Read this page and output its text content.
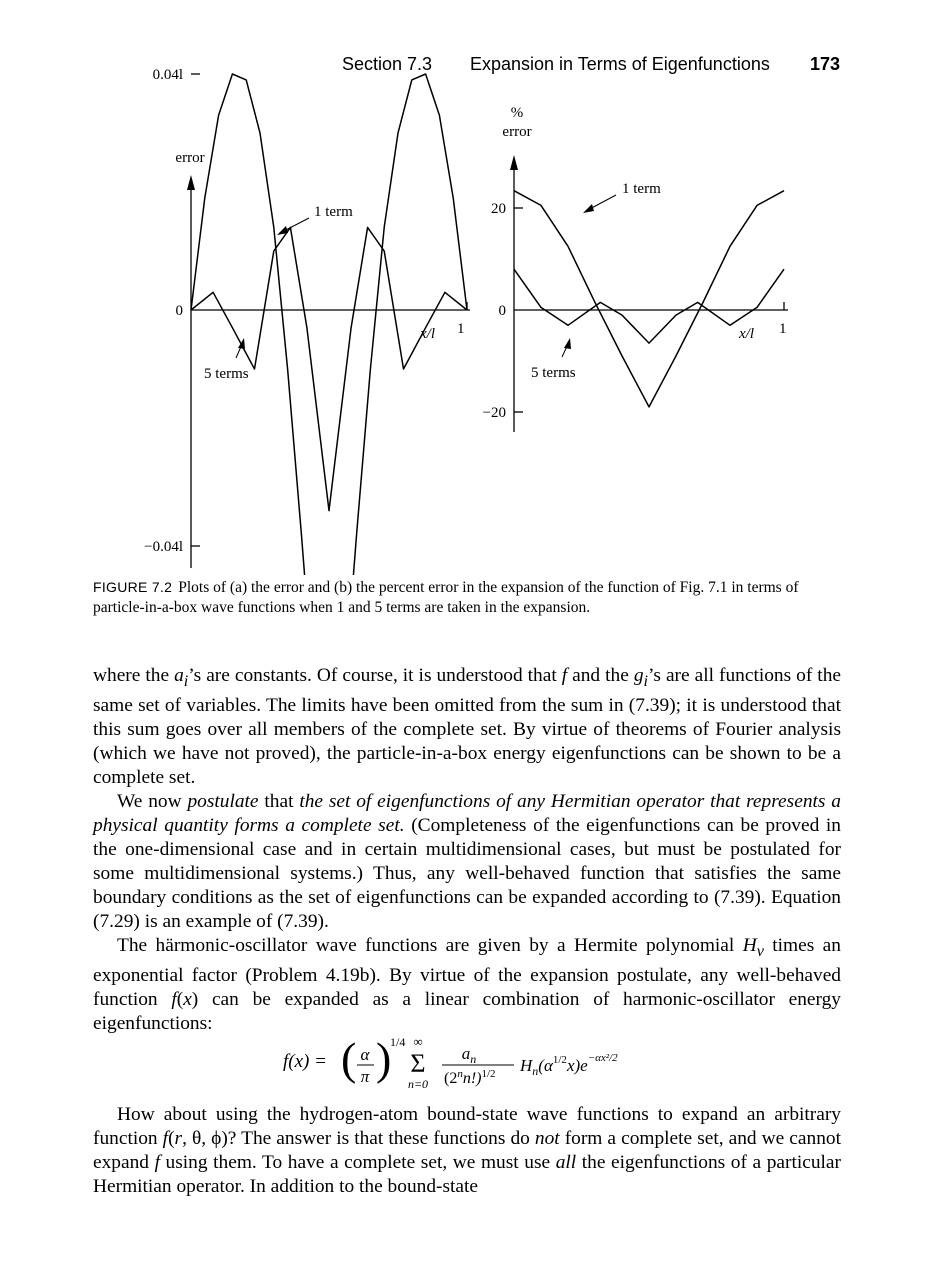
Section 7.3 Expansion in Terms of Eigenfunctions 173
error
0.04l
0
−0.04l
x/l 1
1 term
5 terms
%
error
20
0
−20
x/l 1
1 term
5 terms
FIGURE 7.2 Plots of (a) the error and (b) the percent error in the expansion of the function of Fig. 7.1 in terms of particle-in-a-box wave functions when 1 and 5 terms are taken in the expansion.

where the $a_i’s$ are constants. Of course, it is understood that f and the $g_i’s$ are all functions of the same set of variables. The limits have been omitted from the sum in (7.39); it is understood that this sum goes over all members of the complete set. By virtue of theorems of Fourier analysis (which we have not proved), the particle-in-a-box energy eigenfunctions can be shown to be a complete set.

We now postulate that the set of eigenfunctions of any Hermitian operator that represents a physical quantity forms a complete set. (Completeness of the eigenfunctions can be proved in the one-dimensional case and in certain multidimensional cases, but must be postulated for some multidimensional systems.) Thus, any well-behaved function that satisfies the same boundary conditions as the set of eigenfunctions can be expanded according to (7.39). Equation (7.29) is an example of (7.39).

The härmonic-oscillator wave functions are given by a Hermite polynomial $H_v$ times an exponential factor (Problem 4.19b). By virtue of the expansion postulate, any well-behaved function f(x) can be expanded as a linear combination of harmonic-oscillator energy eigenfunctions:

f(x) = ( α
π )
1/4 ∞
Σ
n=0
$a_n$
$(2^nn!)^{1/2}$ $H_n(\alpha^{1/2}x)e^{-\alpha x^2/2}$

How about using the hydrogen-atom bound-state wave functions to expand an arbitrary function f(r, θ, ϕ)? The answer is that these functions do not form a complete set, and we cannot expand f using them. To have a complete set, we must use all the eigenfunctions of a particular Hermitian operator. In addition to the bound-state
